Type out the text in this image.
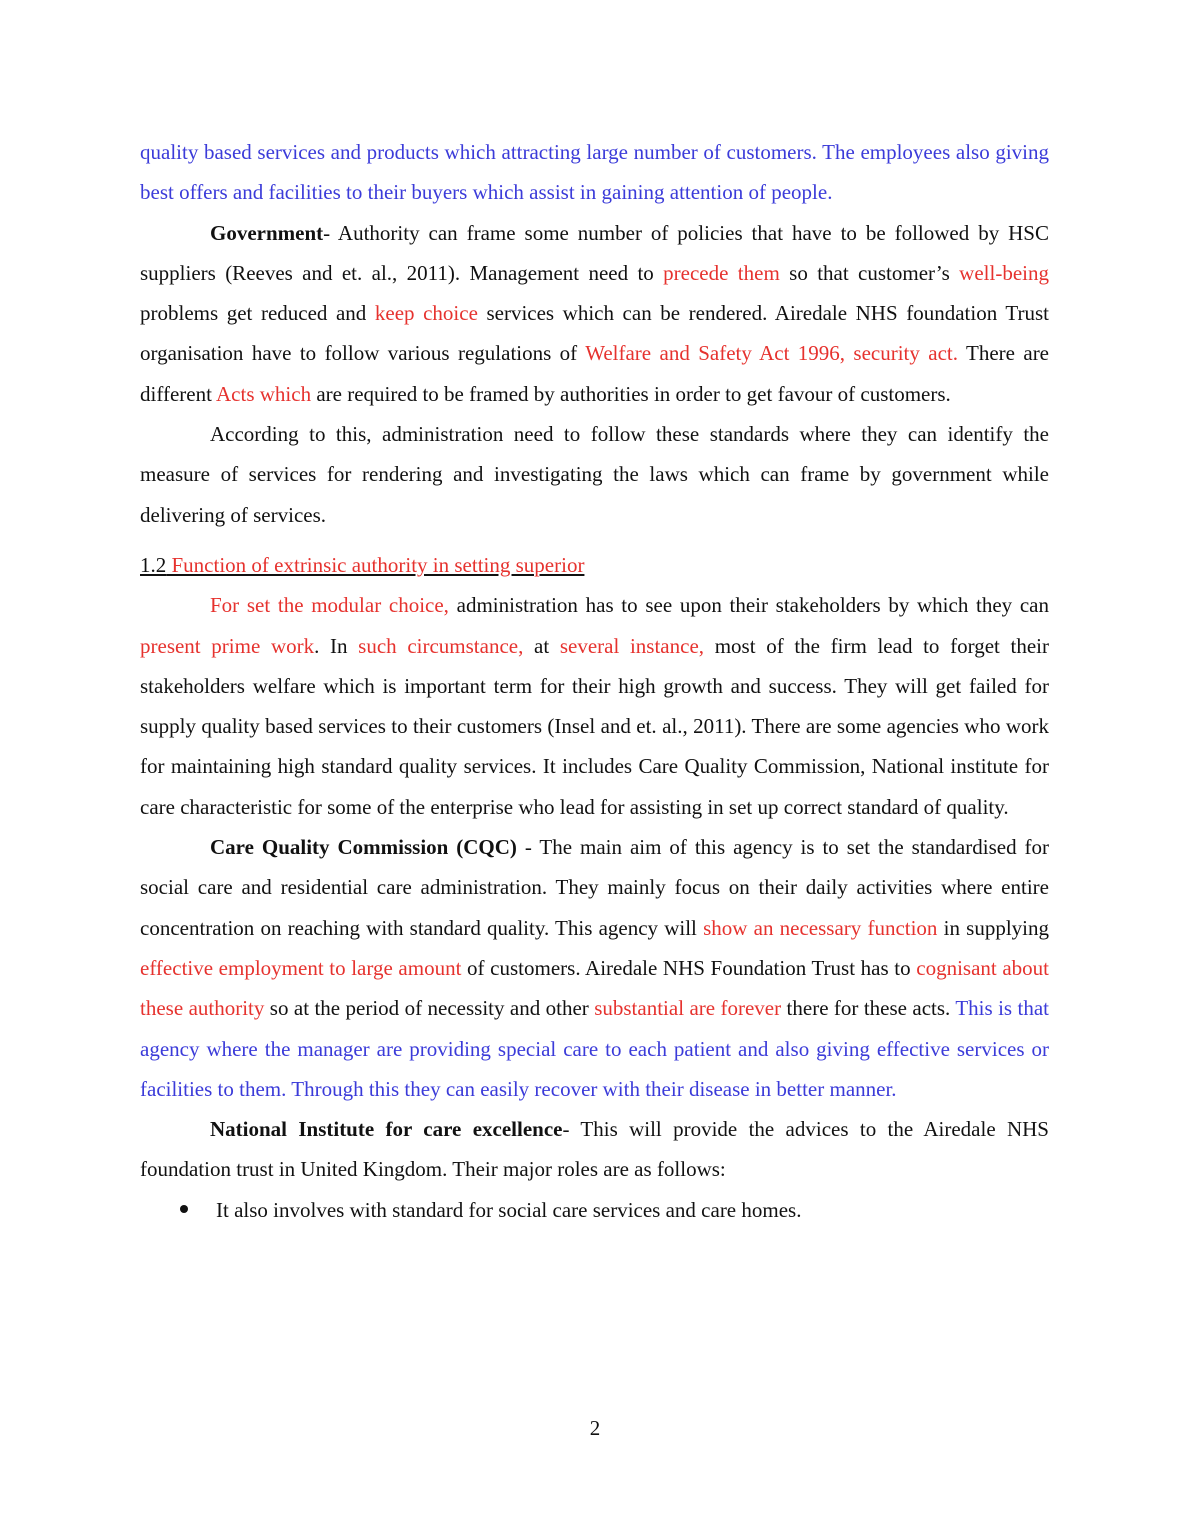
quality based services and products which attracting large number of customers. The employees also giving best offers and facilities to their buyers which assist in gaining attention of people.

Government- Authority can frame some number of policies that have to be followed by HSC suppliers (Reeves and et. al., 2011). Management need to precede them so that customer’s well-being problems get reduced and keep choice services which can be rendered. Airedale NHS foundation Trust organisation have to follow various regulations of Welfare and Safety Act 1996, security act. There are different Acts which are required to be framed by authorities in order to get favour of customers.

According to this, administration need to follow these standards where they can identify the measure of services for rendering and investigating the laws which can frame by government while delivering of services.

1.2 Function of extrinsic authority in setting superior

For set the modular choice, administration has to see upon their stakeholders by which they can present prime work. In such circumstance, at several instance, most of the firm lead to forget their stakeholders welfare which is important term for their high growth and success. They will get failed for supply quality based services to their customers (Insel and et. al., 2011). There are some agencies who work for maintaining high standard quality services. It includes Care Quality Commission, National institute for care characteristic for some of the enterprise who lead for assisting in set up correct standard of quality.

Care Quality Commission (CQC) - The main aim of this agency is to set the standardised for social care and residential care administration. They mainly focus on their daily activities where entire concentration on reaching with standard quality. This agency will show an necessary function in supplying effective employment to large amount of customers. Airedale NHS Foundation Trust has to cognisant about these authority so at the period of necessity and other substantial are forever there for these acts. This is that agency where the manager are providing special care to each patient and also giving effective services or facilities to them. Through this they can easily recover with their disease in better manner.

National Institute for care excellence- This will provide the advices to the Airedale NHS foundation trust in United Kingdom. Their major roles are as follows:

It also involves with standard for social care services and care homes.
2
